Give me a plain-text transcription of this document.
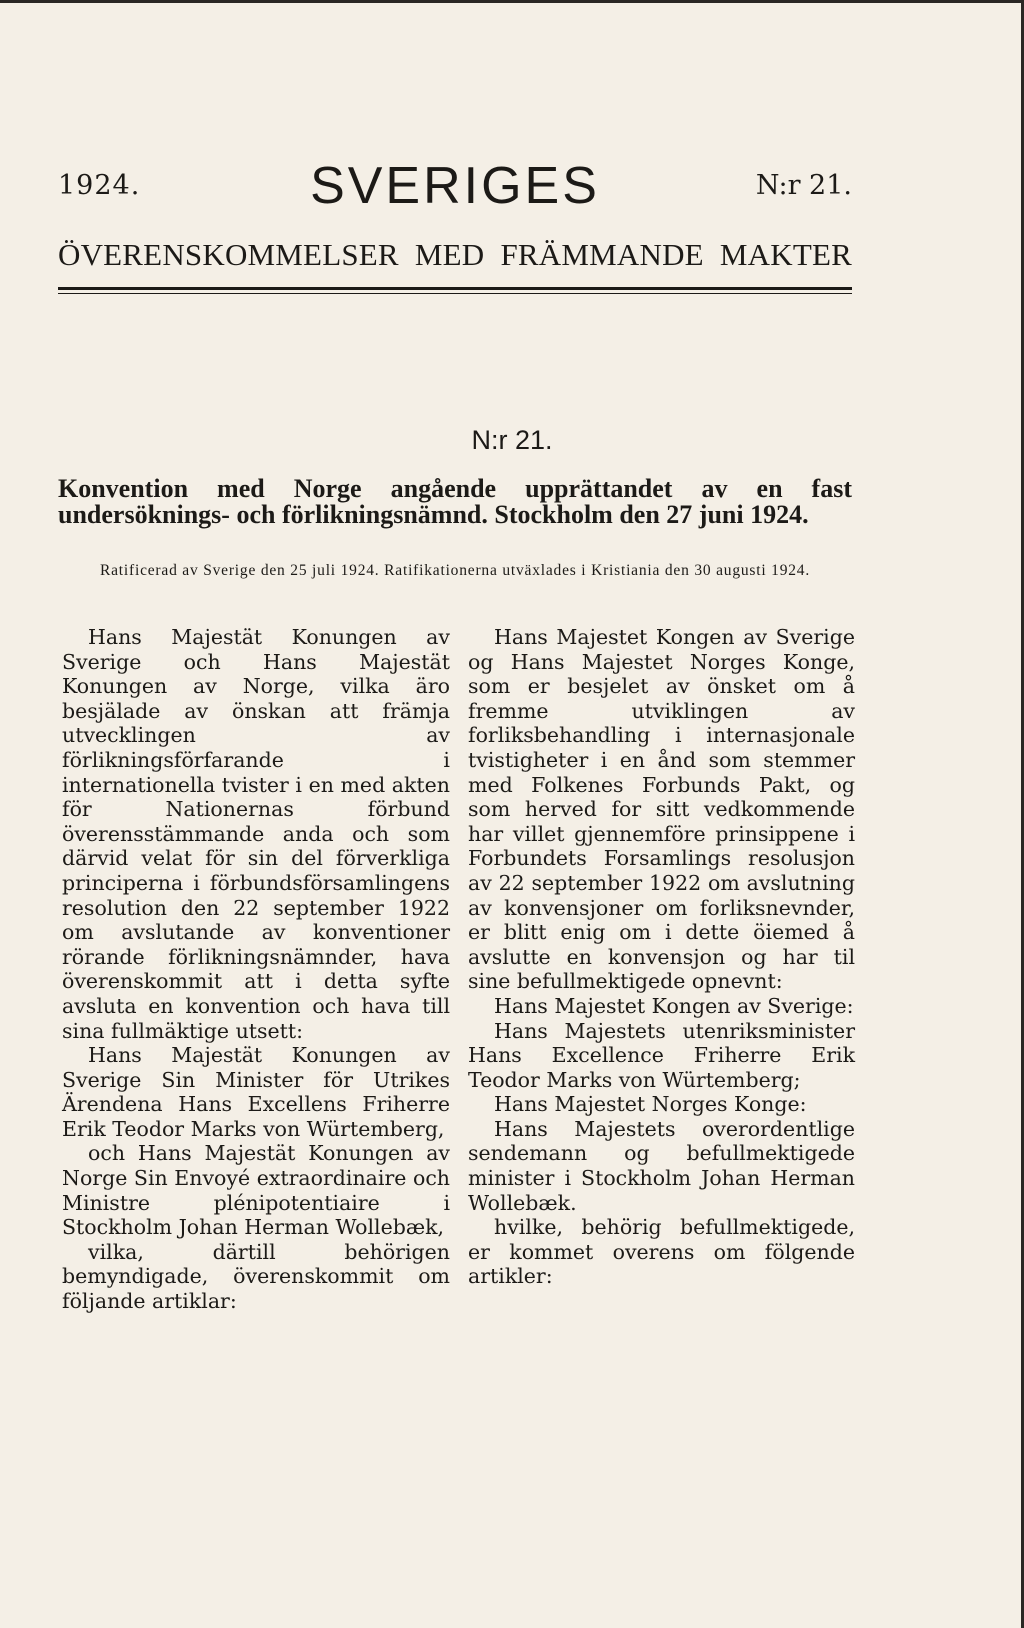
1924.	SVERIGES	N:r 21.
ÖVERENSKOMMELSER MED FRÄMMANDE MAKTER
N:r 21.
Konvention med Norge angående upprättandet av en fast undersöknings- och förlikningsnämnd. Stockholm den 27 juni 1924.
Ratificerad av Sverige den 25 juli 1924. Ratifikationerna utväxlades i Kristiania den 30 augusti 1924.

Hans Majestät Konungen av Sverige och Hans Majestät Konungen av Norge, vilka äro besjälade av önskan att främja utvecklingen av förlikningsförfarande i internationella tvister i en med akten för Nationernas förbund överensstämmande anda och som därvid velat för sin del förverkliga principerna i förbundsförsamlingens resolution den 22 september 1922 om avslutande av konventioner rörande förlikningsnämnder, hava överenskommit att i detta syfte avsluta en konvention och hava till sina fullmäktige utsett:

Hans Majestät Konungen av Sverige Sin Minister för Utrikes Ärendena Hans Excellens Friherre Erik Teodor Marks von Würtemberg,

och Hans Majestät Konungen av Norge Sin Envoyé extraordinaire och Ministre plénipotentiaire i Stockholm Johan Herman Wollebæk,

vilka, därtill behörigen bemyndigade, överenskommit om följande artiklar:

Hans Majestet Kongen av Sverige og Hans Majestet Norges Konge, som er besjelet av önsket om å fremme utviklingen av forliksbehandling i internasjonale tvistigheter i en ånd som stemmer med Folkenes Forbunds Pakt, og som herved for sitt vedkommende har villet gjennemföre prinsippene i Forbundets Forsamlings resolusjon av 22 september 1922 om avslutning av konvensjoner om forliksnevnder, er blitt enig om i dette öiemed å avslutte en konvensjon og har til sine befullmektigede opnevnt:

Hans Majestet Kongen av Sverige:

Hans Majestets utenriksminister Hans Excellence Friherre Erik Teodor Marks von Würtemberg;

Hans Majestet Norges Konge:

Hans Majestets overordentlige sendemann og befullmektigede minister i Stockholm Johan Herman Wollebæk.

hvilke, behörig befullmektigede, er kommet overens om fölgende artikler:
